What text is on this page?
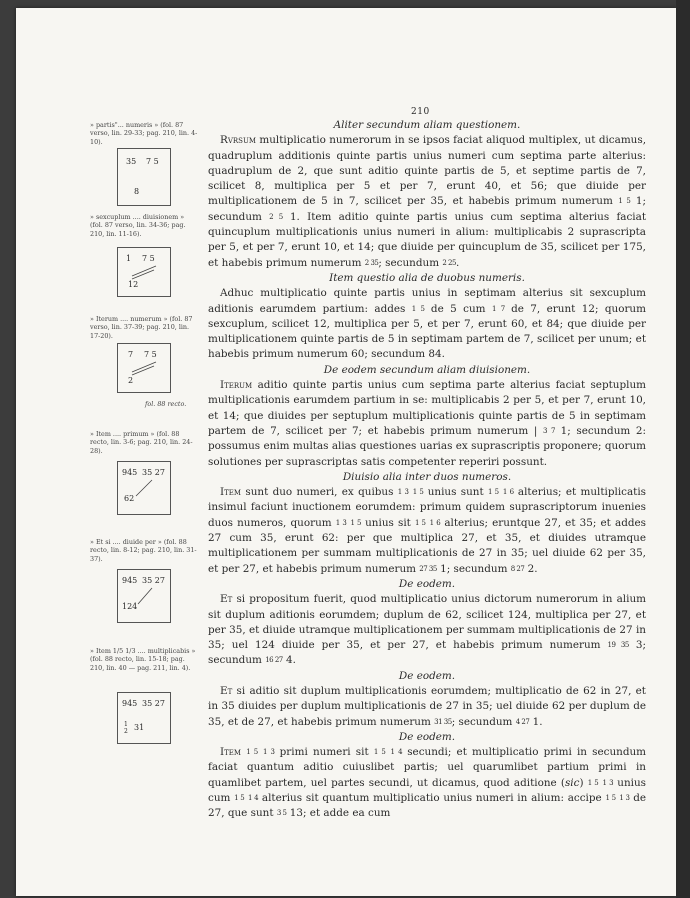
210

Aliter secundum aliam questionem.

Rvrsum multiplicatio numerorum in se ipsos faciat aliquod multiplex, ut dicamus, quadruplum additionis quinte partis unius numeri cum septima parte alterius: quadruplum de 2, que sunt aditio quinte partis de 5, et septime partis de 7, scilicet 8, multiplica per 5 et per 7, erunt 40, et 56; que diuide per multiplicationem de 5 in 7, scilicet per 35, et habebis primum numerum 1 5 1; secundum 2 5 1. Item aditio quinte partis unius cum septima alterius faciat quincuplum multiplicationis unius numeri in alium: multiplicabis 2 suprascripta per 5, et per 7, erunt 10, et 14; que diuide per quincuplum de 35, scilicet per 175, et habebis primum numerum 2 35; secundum 2 25.

Item questio alia de duobus numeris.

Adhuc multiplicatio quinte partis unius in septimam alterius sit sexcuplum aditionis earumdem partium: addes 1 5 de 5 cum 1 7 de 7, erunt 12; quorum sexcuplum, scilicet 12, multiplica per 5, et per 7, erunt 60, et 84; que diuide per multiplicationem quinte partis de 5 in septimam partem de 7, scilicet per unum; et habebis primum numerum 60; secundum 84.

De eodem secundum aliam diuisionem.

Iterum aditio quinte partis unius cum septima parte alterius faciat septuplum multiplicationis earumdem partium in se: multiplicabis 2 per 5, et per 7, erunt 10, et 14; que diuides per septuplum multiplicationis quinte partis de 5 in septimam partem de 7, scilicet per 7; et habebis primum numerum | 3 7 1; secundum 2: possumus enim multas alias questiones uarias ex suprascriptis proponere; quorum solutiones per suprascriptas satis competenter reperiri possunt.

Diuisio alia inter duos numeros.

Item sunt duo numeri, ex quibus 1 3 1 5 unius sunt 1 5 1 6 alterius; et multiplicatis insimul faciunt inuctionem eorumdem: primum quidem suprascriptorum inuenies duos numeros, quorum 1 3 1 5 unius sit 1 5 1 6 alterius; eruntque 27, et 35; et addes 27 cum 35, erunt 62: per que multiplica 27, et 35, et diuides utramque multiplicationem per summam multiplicationis de 27 in 35; uel diuide 62 per 35, et per 27, et habebis primum numerum 27 35 1; secundum 8 27 2.

De eodem.

Et si propositum fuerit, quod multiplicatio unius dictorum numerorum in alium sit duplum aditionis eorumdem; duplum de 62, scilicet 124, multiplica per 27, et per 35, et diuide utramque multiplicationem per summam multiplicationis de 27 in 35; uel 124 diuide per 35, et per 27, et habebis primum numerum 19 35 3; secundum 16 27 4.

De eodem.

Et si aditio sit duplum multiplicationis eorumdem; multiplicatio de 62 in 27, et in 35 diuides per duplum multiplicationis de 27 in 35; uel diuide 62 per duplum de 35, et de 27, et habebis primum numerum 31 35; secundum 4 27 1.

De eodem.

Item 1 5 1 3 primi numeri sit 1 5 1 4 secundi; et multiplicatio primi in secundum faciat quantum aditio cuiuslibet partis; uel quarumlibet partium primi in quamlibet partem, uel partes secundi, ut dicamus, quod aditione (sic) 1 5 1 3 unius cum 1 5 1 4 alterius sit quantum multiplicatio unius numeri in alium: accipe 1 5 1 3 de 27, que sunt 3 5 13; et adde ea cum

» partis"... numeris » (fol. 87 verso, lin. 29-33; pag. 210, lin. 4-10).
35 7 5
8
» sexcuplum .... diuisionem » (fol. 87 verso, lin. 34-36; pag. 210, lin. 11-16).
1 7 5
12
» Iterum .... numerum » (fol. 87 verso, lin. 37-39; pag. 210, lin. 17-20).
7 7 5
2
fol. 88 recto.
» Item .... primum » (fol. 88 recto, lin. 3-6; pag. 210, lin. 24-28).
945 35 27
62
» Et si .... diuide per » (fol. 88 recto, lin. 8-12; pag. 210, lin. 31-37).
945 35 27
124
» Item 1/5 1/3 .... multiplicabis » (fol. 88 recto, lin. 15-18; pag. 210, lin. 40 — pag. 211, lin. 4).
945 35 27
1 2 31
